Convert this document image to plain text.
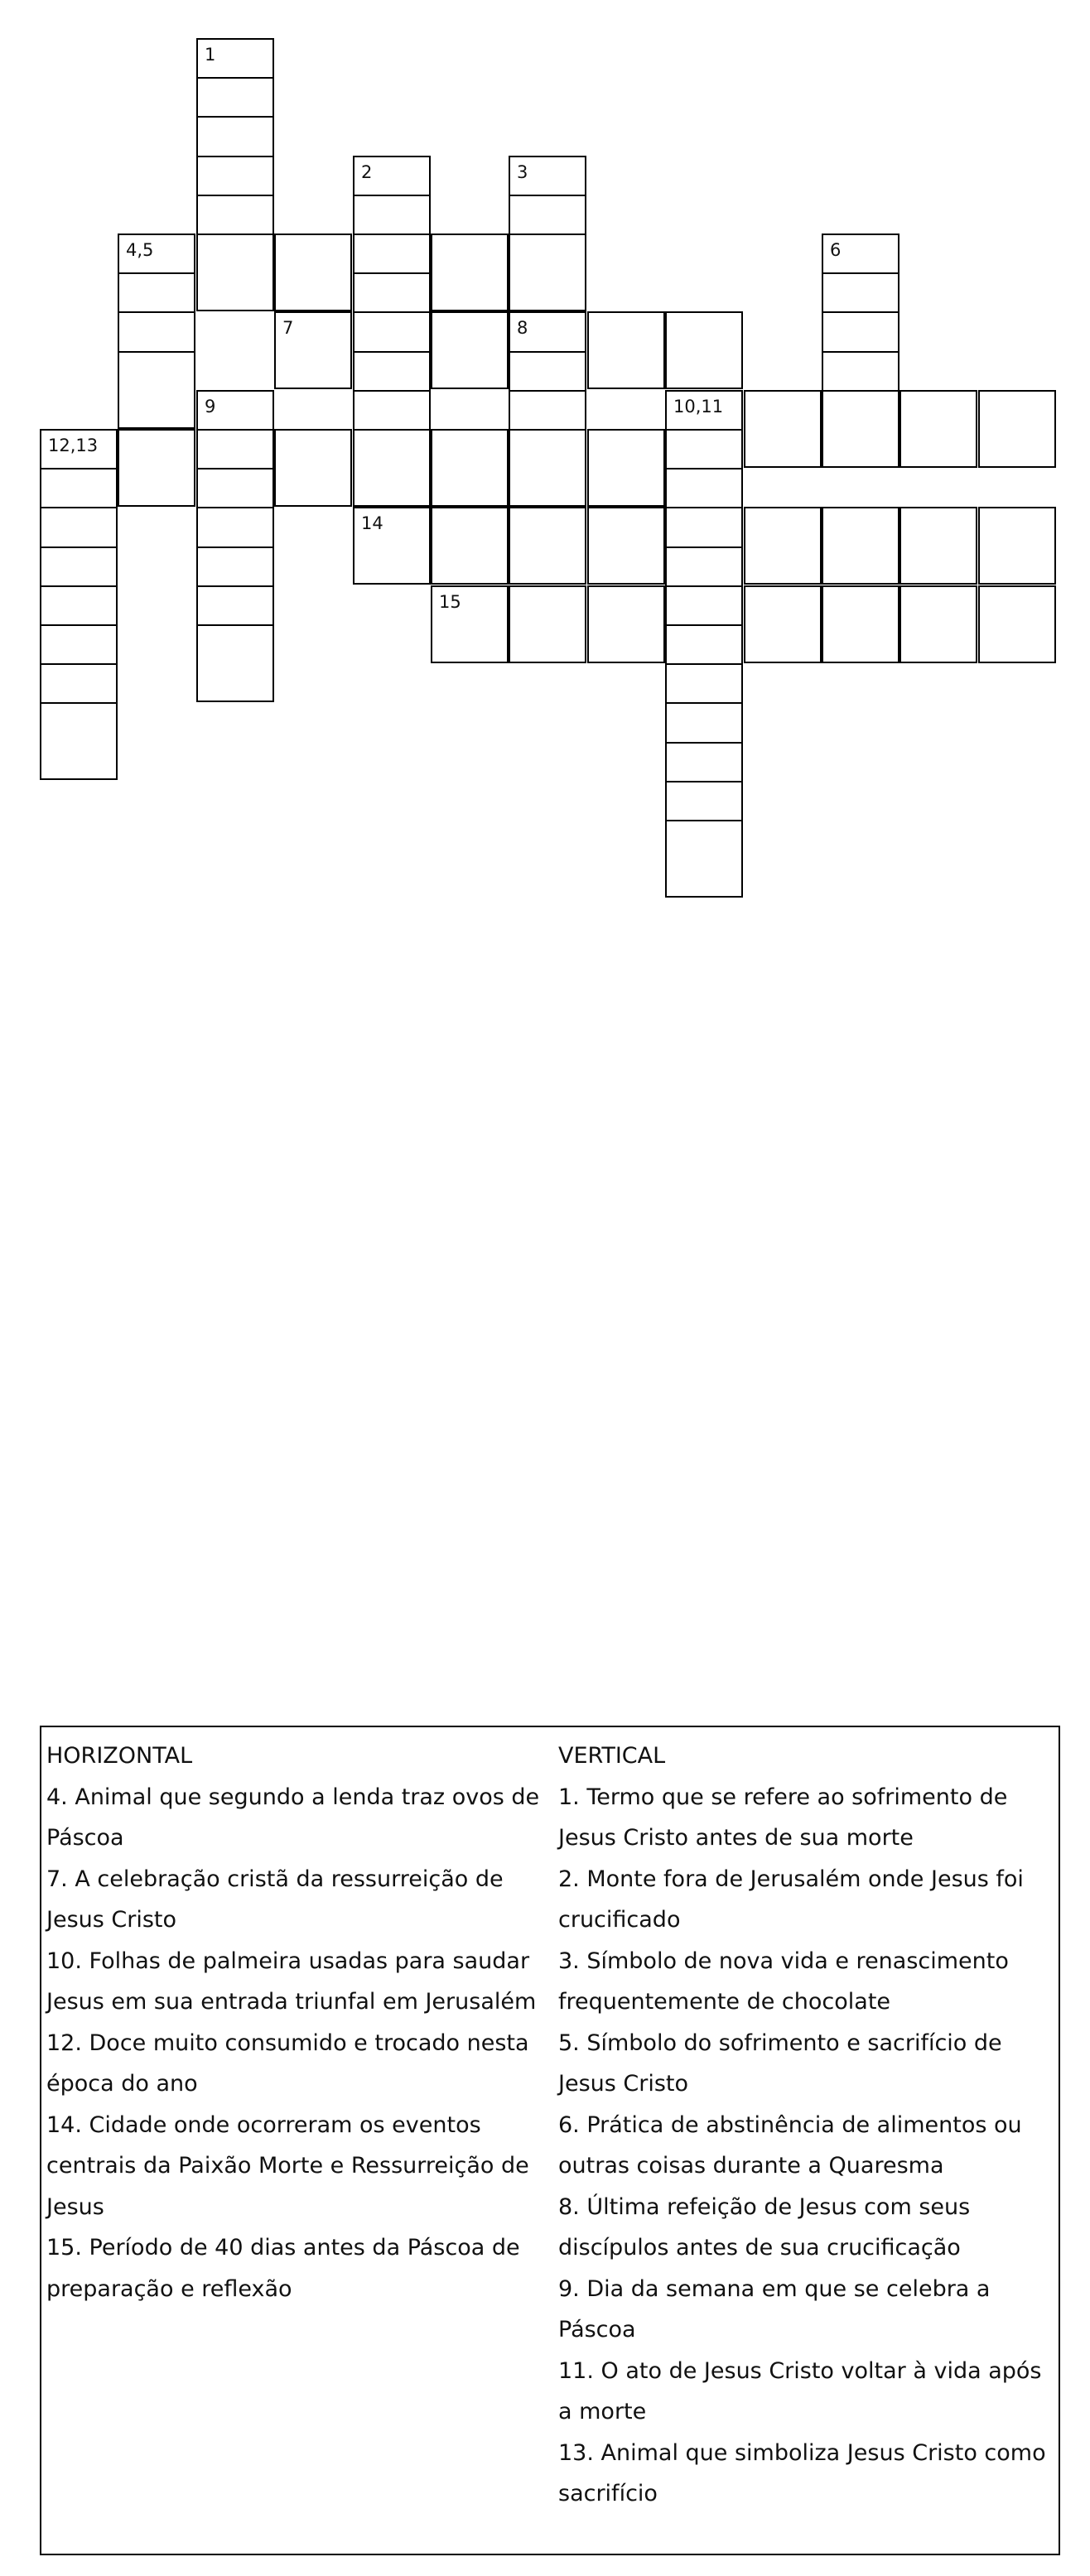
1
2	3
4,5	6
7	8
9	10,11
12,13
14
15

HORIZONTAL

4. Animal que segundo a lenda traz ovos de

Páscoa

7. A celebração cristã da ressurreição de

Jesus Cristo

10. Folhas de palmeira usadas para saudar

Jesus em sua entrada triunfal em Jerusalém

12. Doce muito consumido e trocado nesta

época do ano

14. Cidade onde ocorreram os eventos

centrais da Paixão Morte e Ressurreição de

Jesus

15. Período de 40 dias antes da Páscoa de

preparação e reflexão

VERTICAL

1. Termo que se refere ao sofrimento de

Jesus Cristo antes de sua morte

2. Monte fora de Jerusalém onde Jesus foi

crucificado

3. Símbolo de nova vida e renascimento

frequentemente de chocolate

5. Símbolo do sofrimento e sacrifício de

Jesus Cristo

6. Prática de abstinência de alimentos ou

outras coisas durante a Quaresma

8. Última refeição de Jesus com seus

discípulos antes de sua crucificação

9. Dia da semana em que se celebra a

Páscoa

11. O ato de Jesus Cristo voltar à vida após

a morte

13. Animal que simboliza Jesus Cristo como

sacrifício
